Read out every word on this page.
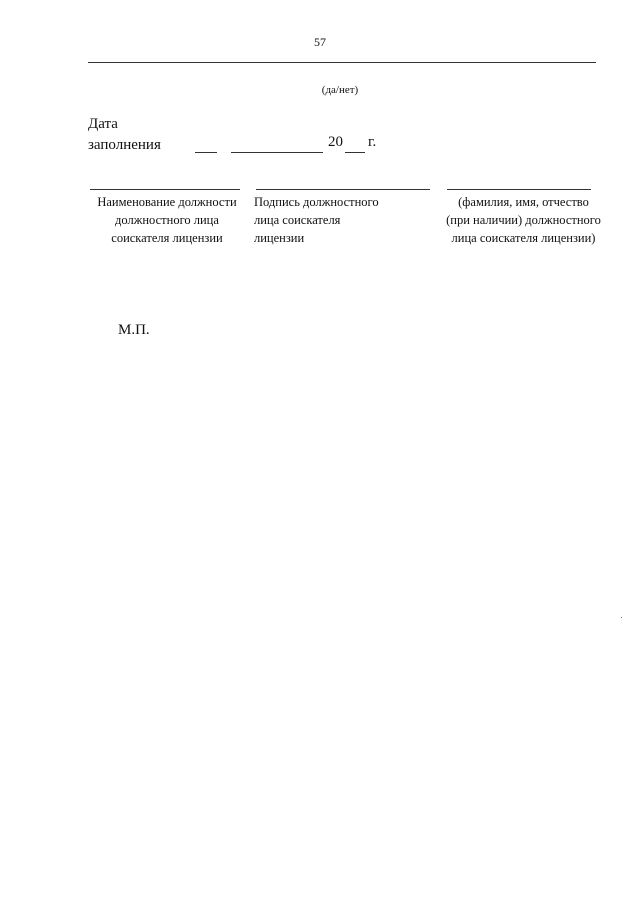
57
(да/нет)
Дата
заполнения	20 г.
Наименование должности должностного лица соискателя лицензии
Подпись должностного лица соискателя лицензии
(фамилия, имя, отчество (при наличии) должностного лица соискателя лицензии)
М.П.
